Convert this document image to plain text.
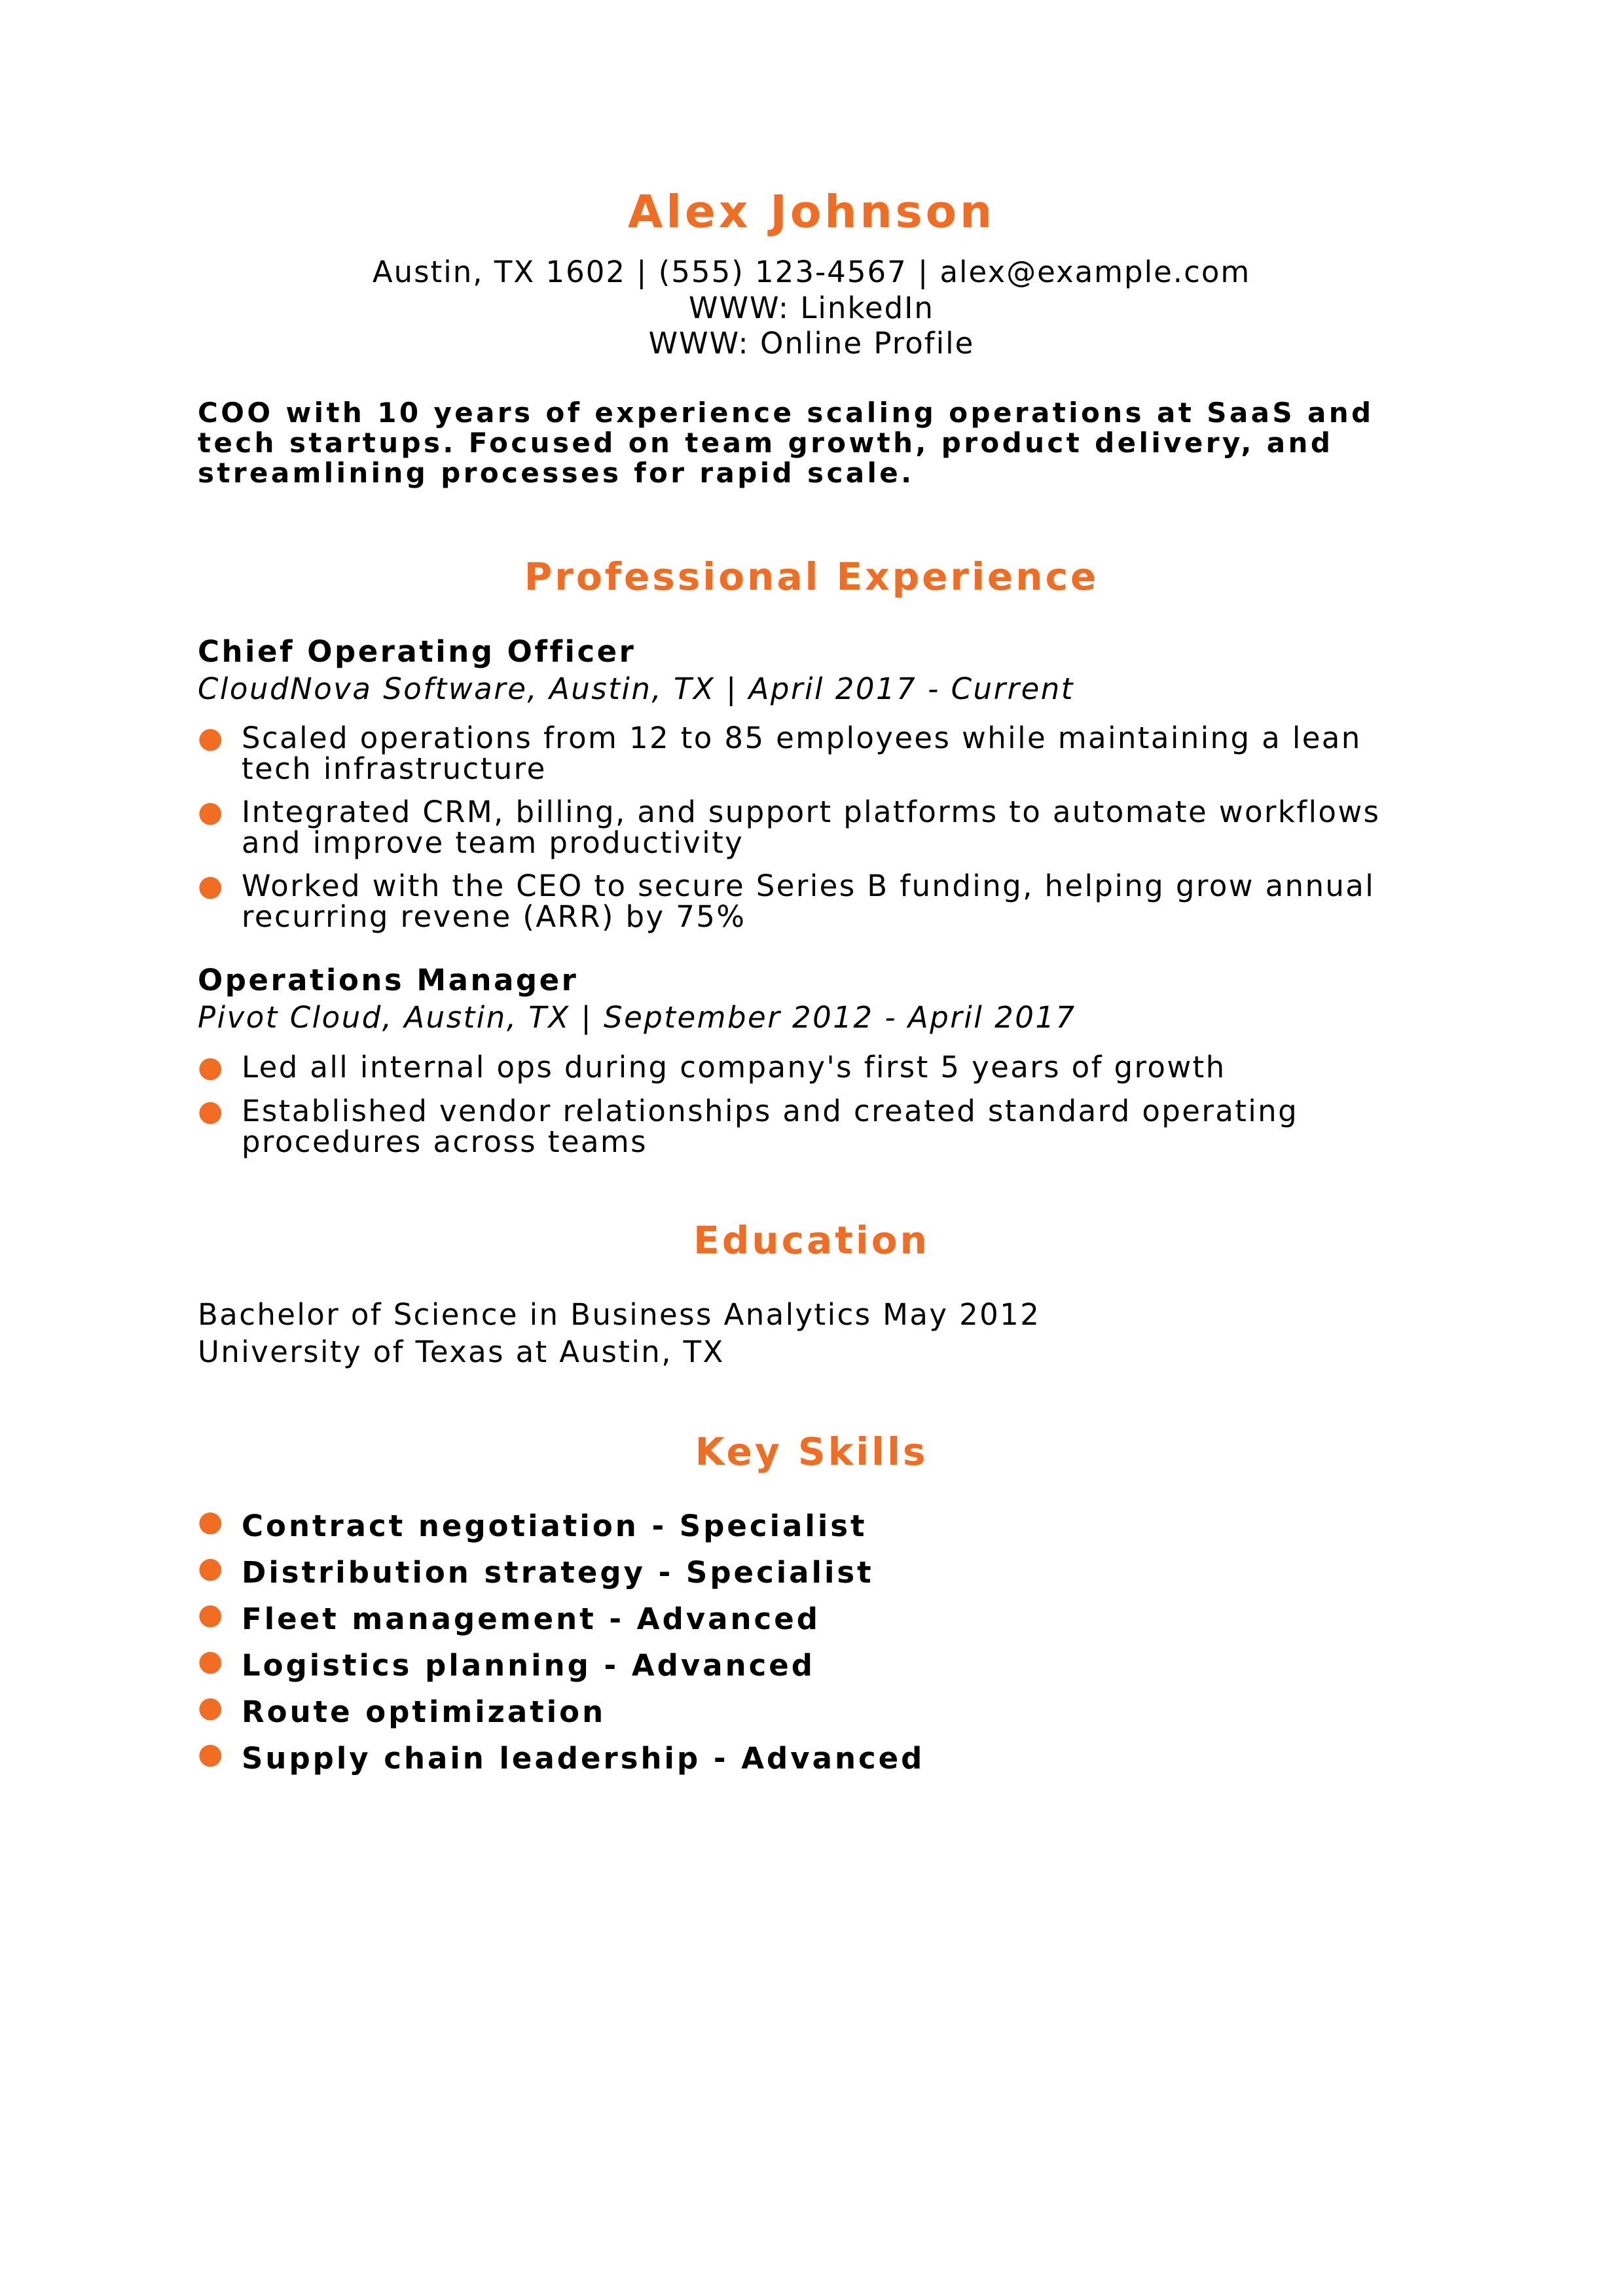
Alex Johnson
Austin, TX 1602 | (555) 123-4567 | alex@example.com
WWW: LinkedIn
WWW: Online Profile
COO with 10 years of experience scaling operations at SaaS and tech startups. Focused on team growth, product delivery, and streamlining processes for rapid scale.
Professional Experience
Chief Operating Officer
CloudNova Software, Austin, TX | April 2017 - Current
● Scaled operations from 12 to 85 employees while maintaining a lean tech infrastructure
● Integrated CRM, billing, and support platforms to automate workflows and improve team productivity
● Worked with the CEO to secure Series B funding, helping grow annual recurring revene (ARR) by 75%
Operations Manager
Pivot Cloud, Austin, TX | September 2012 - April 2017
● Led all internal ops during company's first 5 years of growth
● Established vendor relationships and created standard operating procedures across teams
Education
Bachelor of Science in Business Analytics May 2012
University of Texas at Austin, TX
Key Skills
● Contract negotiation - Specialist
● Distribution strategy - Specialist
● Fleet management - Advanced
● Logistics planning - Advanced
● Route optimization
● Supply chain leadership - Advanced
